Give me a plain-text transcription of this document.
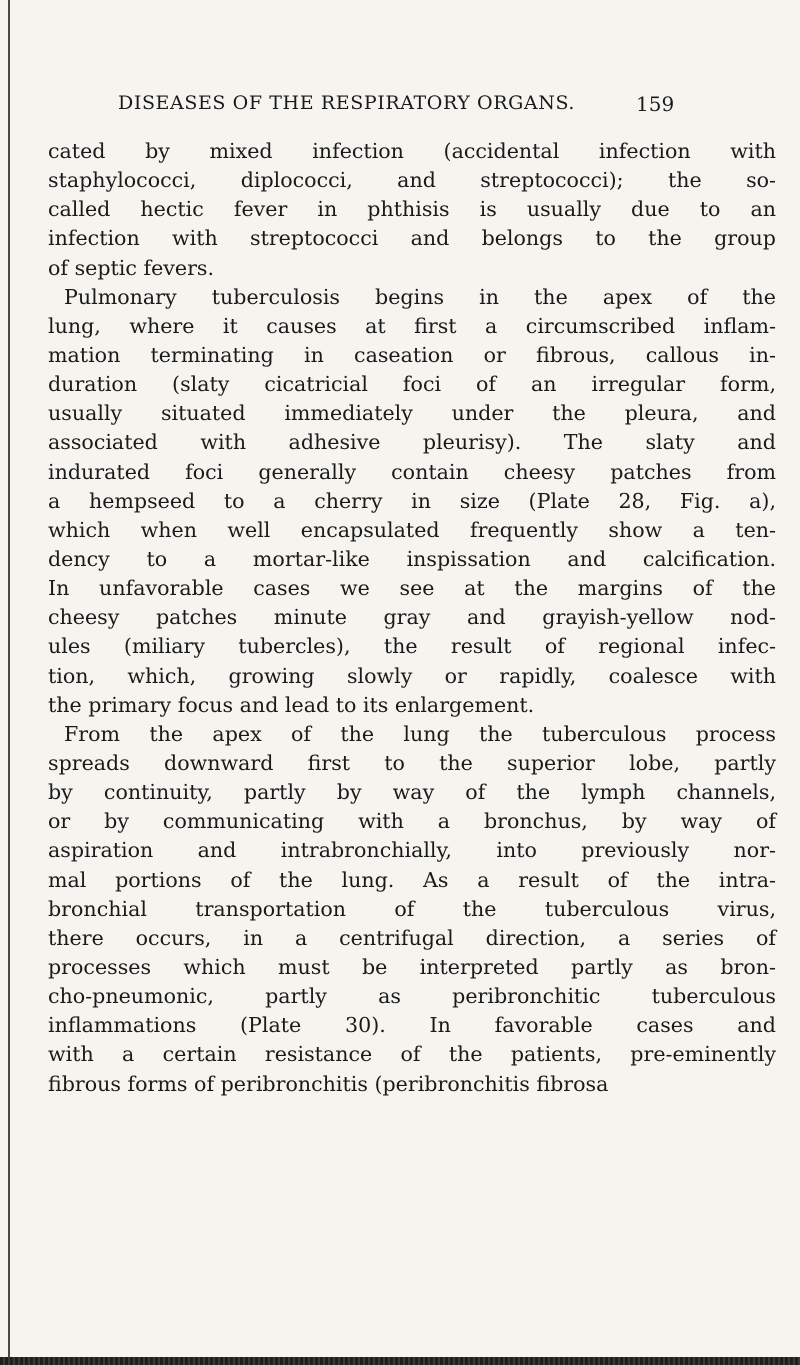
DISEASES OF THE RESPIRATORY ORGANS.	159
cated by mixed infection (accidental infection with
staphylococci, diplococci, and streptococci); the so-
called hectic fever in phthisis is usually due to an
infection with streptococci and belongs to the group
of septic fevers.
Pulmonary tuberculosis begins in the apex of the
lung, where it causes at first a circumscribed inflam-
mation terminating in caseation or fibrous, callous in-
duration (slaty cicatricial foci of an irregular form,
usually situated immediately under the pleura, and
associated with adhesive pleurisy). The slaty and
indurated foci generally contain cheesy patches from
a hempseed to a cherry in size (Plate 28, Fig. a),
which when well encapsulated frequently show a ten-
dency to a mortar-like inspissation and calcification.
In unfavorable cases we see at the margins of the
cheesy patches minute gray and grayish-yellow nod-
ules (miliary tubercles), the result of regional infec-
tion, which, growing slowly or rapidly, coalesce with
the primary focus and lead to its enlargement.
From the apex of the lung the tuberculous process
spreads downward first to the superior lobe, partly
by continuity, partly by way of the lymph channels,
or by communicating with a bronchus, by way of
aspiration and intrabronchially, into previously nor-
mal portions of the lung. As a result of the intra-
bronchial transportation of the tuberculous virus,
there occurs, in a centrifugal direction, a series of
processes which must be interpreted partly as bron-
cho-pneumonic, partly as peribronchitic tuberculous
inflammations (Plate 30). In favorable cases and
with a certain resistance of the patients, pre-eminently
fibrous forms of peribronchitis (peribronchitis fibrosa
